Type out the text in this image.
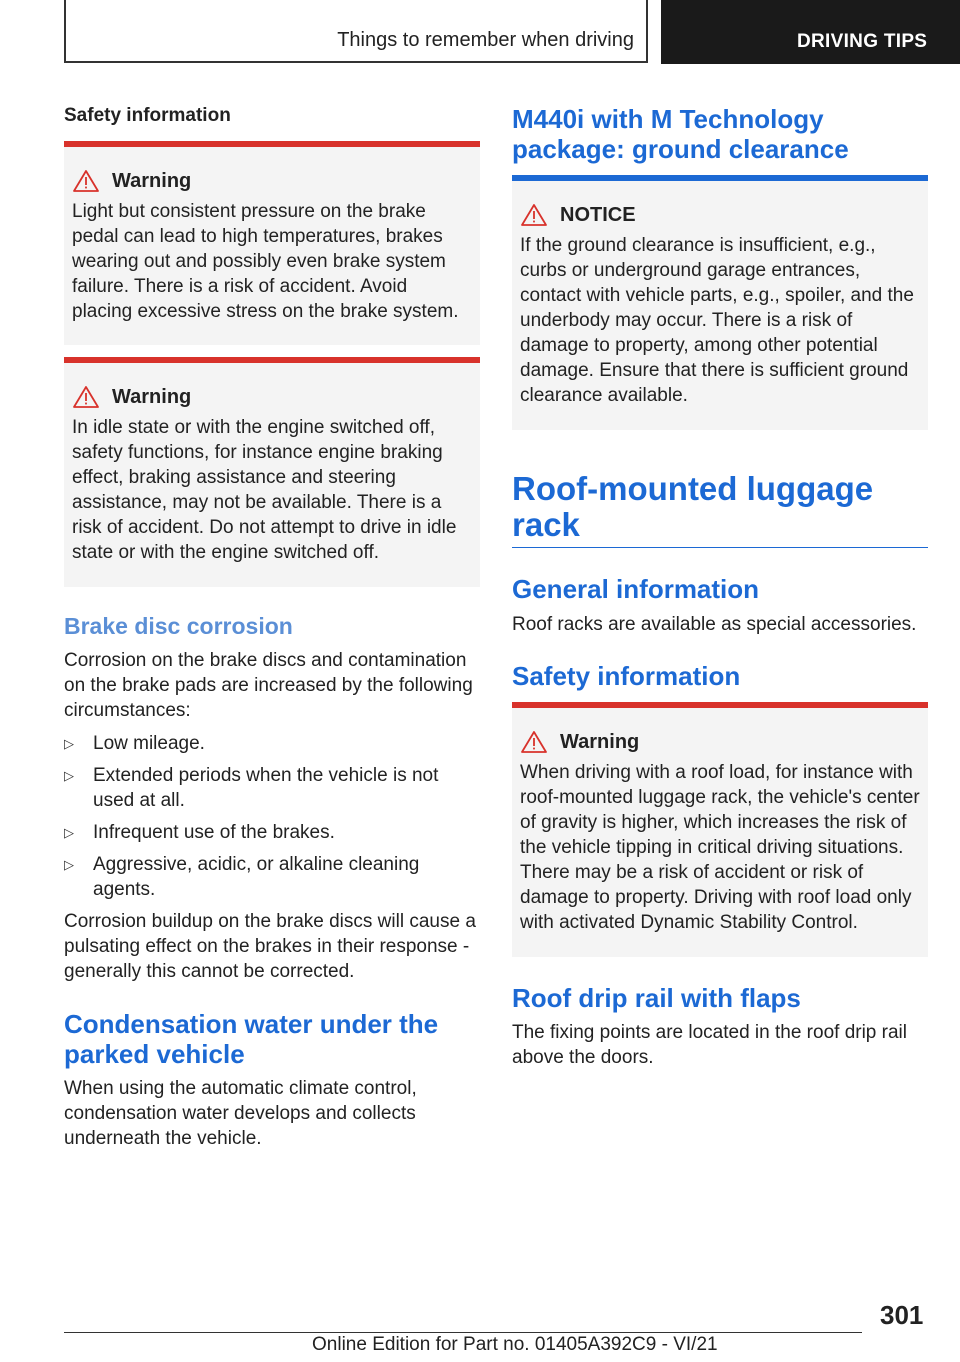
Things to remember when driving	DRIVING TIPS
Safety information
Warning
Light but consistent pressure on the brake pedal can lead to high temperatures, brakes wearing out and possibly even brake system failure. There is a risk of accident. Avoid placing excessive stress on the brake system.
Warning
In idle state or with the engine switched off, safety functions, for instance engine braking effect, braking assistance and steering assistance, may not be available. There is a risk of accident. Do not attempt to drive in idle state or with the engine switched off.
Brake disc corrosion
Corrosion on the brake discs and contamination on the brake pads are increased by the following circumstances:
▷ Low mileage.
▷ Extended periods when the vehicle is not used at all.
▷ Infrequent use of the brakes.
▷ Aggressive, acidic, or alkaline cleaning agents.
Corrosion buildup on the brake discs will cause a pulsating effect on the brakes in their response - generally this cannot be corrected.
Condensation water under the parked vehicle
When using the automatic climate control, condensation water develops and collects underneath the vehicle.
M440i with M Technology package: ground clearance
NOTICE
If the ground clearance is insufficient, e.g., curbs or underground garage entrances, contact with vehicle parts, e.g., spoiler, and the underbody may occur. There is a risk of damage to property, among other potential damage. Ensure that there is sufficient ground clearance available.
Roof-mounted luggage rack
General information
Roof racks are available as special accessories.
Safety information
Warning
When driving with a roof load, for instance with roof-mounted luggage rack, the vehicle's center of gravity is higher, which increases the risk of the vehicle tipping in critical driving situations. There may be a risk of accident or risk of damage to property. Driving with roof load only with activated Dynamic Stability Control.
Roof drip rail with flaps
The fixing points are located in the roof drip rail above the doors.
301
Online Edition for Part no. 01405A392C9 - VI/21
